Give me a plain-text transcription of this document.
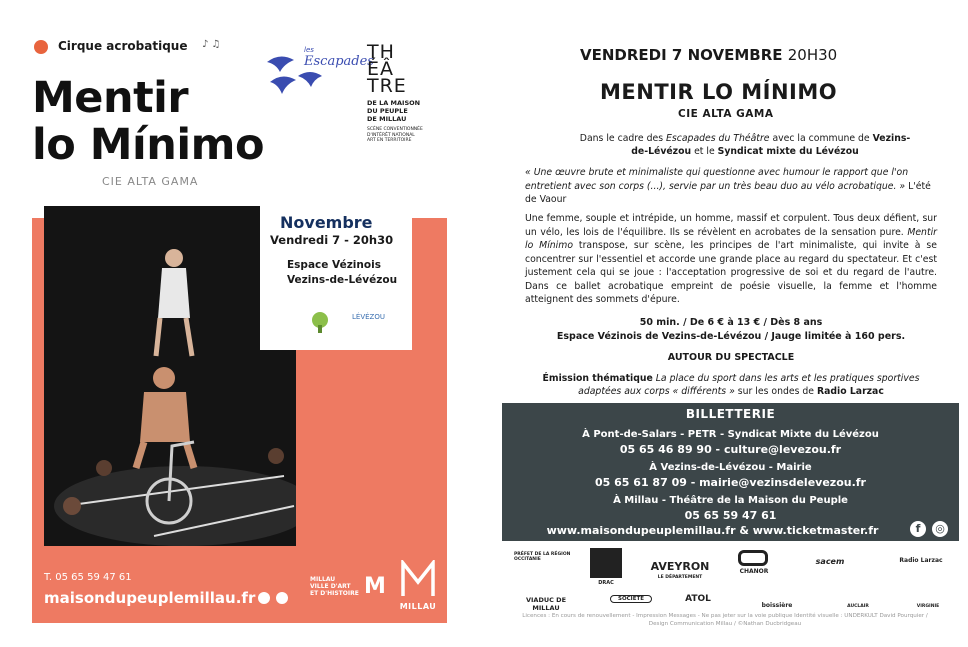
Cirque acrobatique ♪ ♫
Mentir
lo Mínimo
CIE ALTA GAMA
les
Escapades
TH
ÉÂ
TRE
DE LA MAISON
DU PEUPLE
DE MILLAU
SCÈNE CONVENTIONNÉE
D'INTÉRÊT NATIONAL
ART EN TERRITOIRE
Novembre
Vendredi 7 - 20h30
Espace Vézinois
Vezins-de-Lévézou
LÉVÉZOU
T. 05 65 59 47 61
maisondupeuplemillau.fr
MILLAU
VILLE D'ART
ET D'HISTOIRE M
MILLAU
VENDREDI 7 NOVEMBRE 20H30
MENTIR LO MÍNIMO
CIE ALTA GAMA
Dans le cadre des Escapades du Théâtre avec la commune de Vezins-de-Lévézou et le Syndicat mixte du Lévézou
« Une œuvre brute et minimaliste qui questionne avec humour le rapport que l'on entretient avec son corps (...), servie par un très beau duo au vélo acrobatique. » L'été de Vaour
Une femme, souple et intrépide, un homme, massif et corpulent. Tous deux défient, sur un vélo, les lois de l'équilibre. Ils se révèlent en acrobates de la sensation pure. Mentir lo Mínimo transpose, sur scène, les principes de l'art minimaliste, qui invite à se concentrer sur l'essentiel et accorde une grande place au regard du spectateur. Et c'est justement cela qui se joue : l'acceptation progressive de soi et du regard de l'autre. Dans ce ballet acrobatique empreint de poésie visuelle, la femme et l'homme atteignent des sommets d'épure.
50 min. / De 6 € à 13 € / Dès 8 ans
Espace Vézinois de Vezins-de-Lévézou / Jauge limitée à 160 pers.
AUTOUR DU SPECTACLE
Émission thématique La place du sport dans les arts et les pratiques sportives adaptées aux corps « différents » sur les ondes de Radio Larzac
BILLETTERIE
À Pont-de-Salars - PETR - Syndicat Mixte du Lévézou
05 65 46 89 90 - culture@levezou.fr
À Vezins-de-Lévézou - Mairie
05 65 61 87 09 - mairie@vezinsdelevezou.fr
À Millau - Théâtre de la Maison du Peuple
05 65 59 47 61
www.maisondupeuplemillau.fr & www.ticketmaster.fr	f	◎
PRÉFET DE LA RÉGION OCCITANIE
DRAC
AVEYRON
LE DÉPARTEMENT
CHANOR
sacem	Radio Larzac
VIADUC DE MILLAU
SOCIÉTÉ	ATOL
boissière	AUCLAIR	VIRGINIE
Licences : En cours de renouvellement - Impression Messages - Ne pas jeter sur la voie publique Identité visuelle : UNDERKULT David Pourquier / Design Communication Millau / ©Nathan Ducbridgeau
